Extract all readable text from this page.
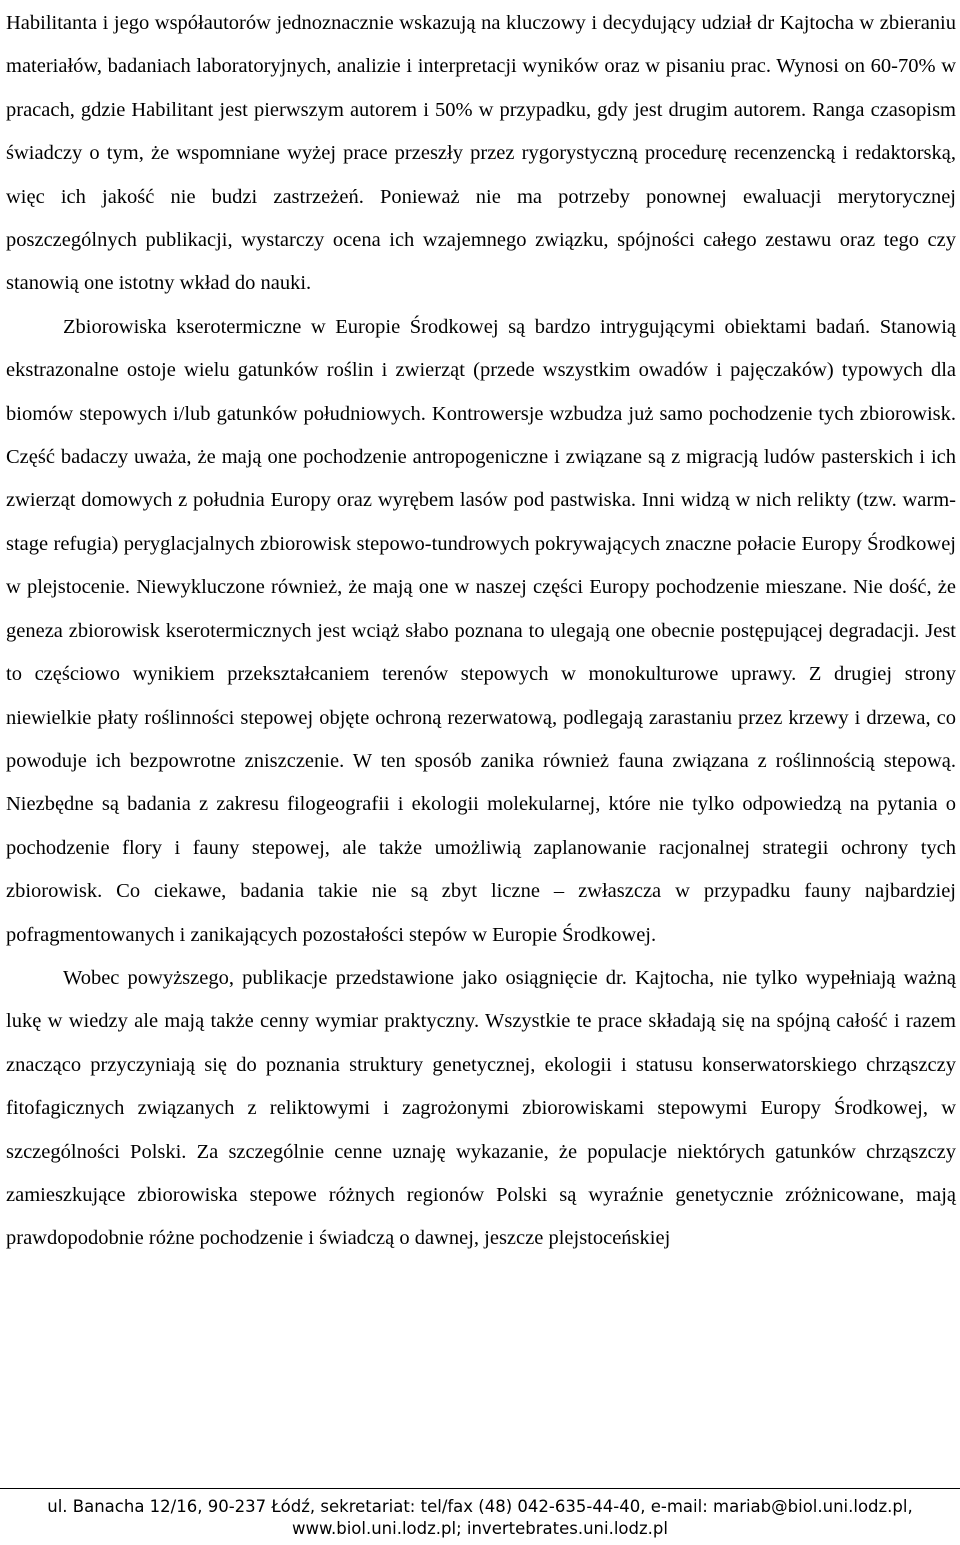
Habilitanta i jego współautorów jednoznacznie wskazują na kluczowy i decydujący udział dr Kajtocha w zbieraniu materiałów, badaniach laboratoryjnych, analizie i interpretacji wyników oraz w pisaniu prac. Wynosi on 60-70% w pracach, gdzie Habilitant jest pierwszym autorem i 50% w przypadku, gdy jest drugim autorem. Ranga czasopism świadczy o tym, że wspomniane wyżej prace przeszły przez rygorystyczną procedurę recenzencką i redaktorską, więc ich jakość nie budzi zastrzeżeń. Ponieważ nie ma potrzeby ponownej ewaluacji merytorycznej poszczególnych publikacji, wystarczy ocena ich wzajemnego związku, spójności całego zestawu oraz tego czy stanowią one istotny wkład do nauki.

Zbiorowiska kserotermiczne w Europie Środkowej są bardzo intrygującymi obiektami badań. Stanowią ekstrazonalne ostoje wielu gatunków roślin i zwierząt (przede wszystkim owadów i pajęczaków) typowych dla biomów stepowych i/lub gatunków południowych. Kontrowersje wzbudza już samo pochodzenie tych zbiorowisk. Część badaczy uważa, że mają one pochodzenie antropogeniczne i związane są z migracją ludów pasterskich i ich zwierząt domowych z południa Europy oraz wyrębem lasów pod pastwiska. Inni widzą w nich relikty (tzw. warm-stage refugia) peryglacjalnych zbiorowisk stepowo-tundrowych pokrywających znaczne połacie Europy Środkowej w plejstocenie. Niewykluczone również, że mają one w naszej części Europy pochodzenie mieszane. Nie dość, że geneza zbiorowisk kserotermicznych jest wciąż słabo poznana to ulegają one obecnie postępującej degradacji. Jest to częściowo wynikiem przekształcaniem terenów stepowych w monokulturowe uprawy. Z drugiej strony niewielkie płaty roślinności stepowej objęte ochroną rezerwatową, podlegają zarastaniu przez krzewy i drzewa, co powoduje ich bezpowrotne zniszczenie. W ten sposób zanika również fauna związana z roślinnością stepową. Niezbędne są badania z zakresu filogeografii i ekologii molekularnej, które nie tylko odpowiedzą na pytania o pochodzenie flory i fauny stepowej, ale także umożliwią zaplanowanie racjonalnej strategii ochrony tych zbiorowisk. Co ciekawe, badania takie nie są zbyt liczne – zwłaszcza w przypadku fauny najbardziej pofragmentowanych i zanikających pozostałości stepów w Europie Środkowej.

Wobec powyższego, publikacje przedstawione jako osiągnięcie dr. Kajtocha, nie tylko wypełniają ważną lukę w wiedzy ale mają także cenny wymiar praktyczny. Wszystkie te prace składają się na spójną całość i razem znacząco przyczyniają się do poznania struktury genetycznej, ekologii i statusu konserwatorskiego chrząszczy fitofagicznych związanych z reliktowymi i zagrożonymi zbiorowiskami stepowymi Europy Środkowej, w szczególności Polski. Za szczególnie cenne uznaję wykazanie, że populacje niektórych gatunków chrząszczy zamieszkujące zbiorowiska stepowe różnych regionów Polski są wyraźnie genetycznie zróżnicowane, mają prawdopodobnie różne pochodzenie i świadczą o dawnej, jeszcze plejstoceńskiej

ul. Banacha 12/16, 90-237 Łódź, sekretariat: tel/fax (48) 042-635-44-40, e-mail: mariab@biol.uni.lodz.pl,
www.biol.uni.lodz.pl; invertebrates.uni.lodz.pl
